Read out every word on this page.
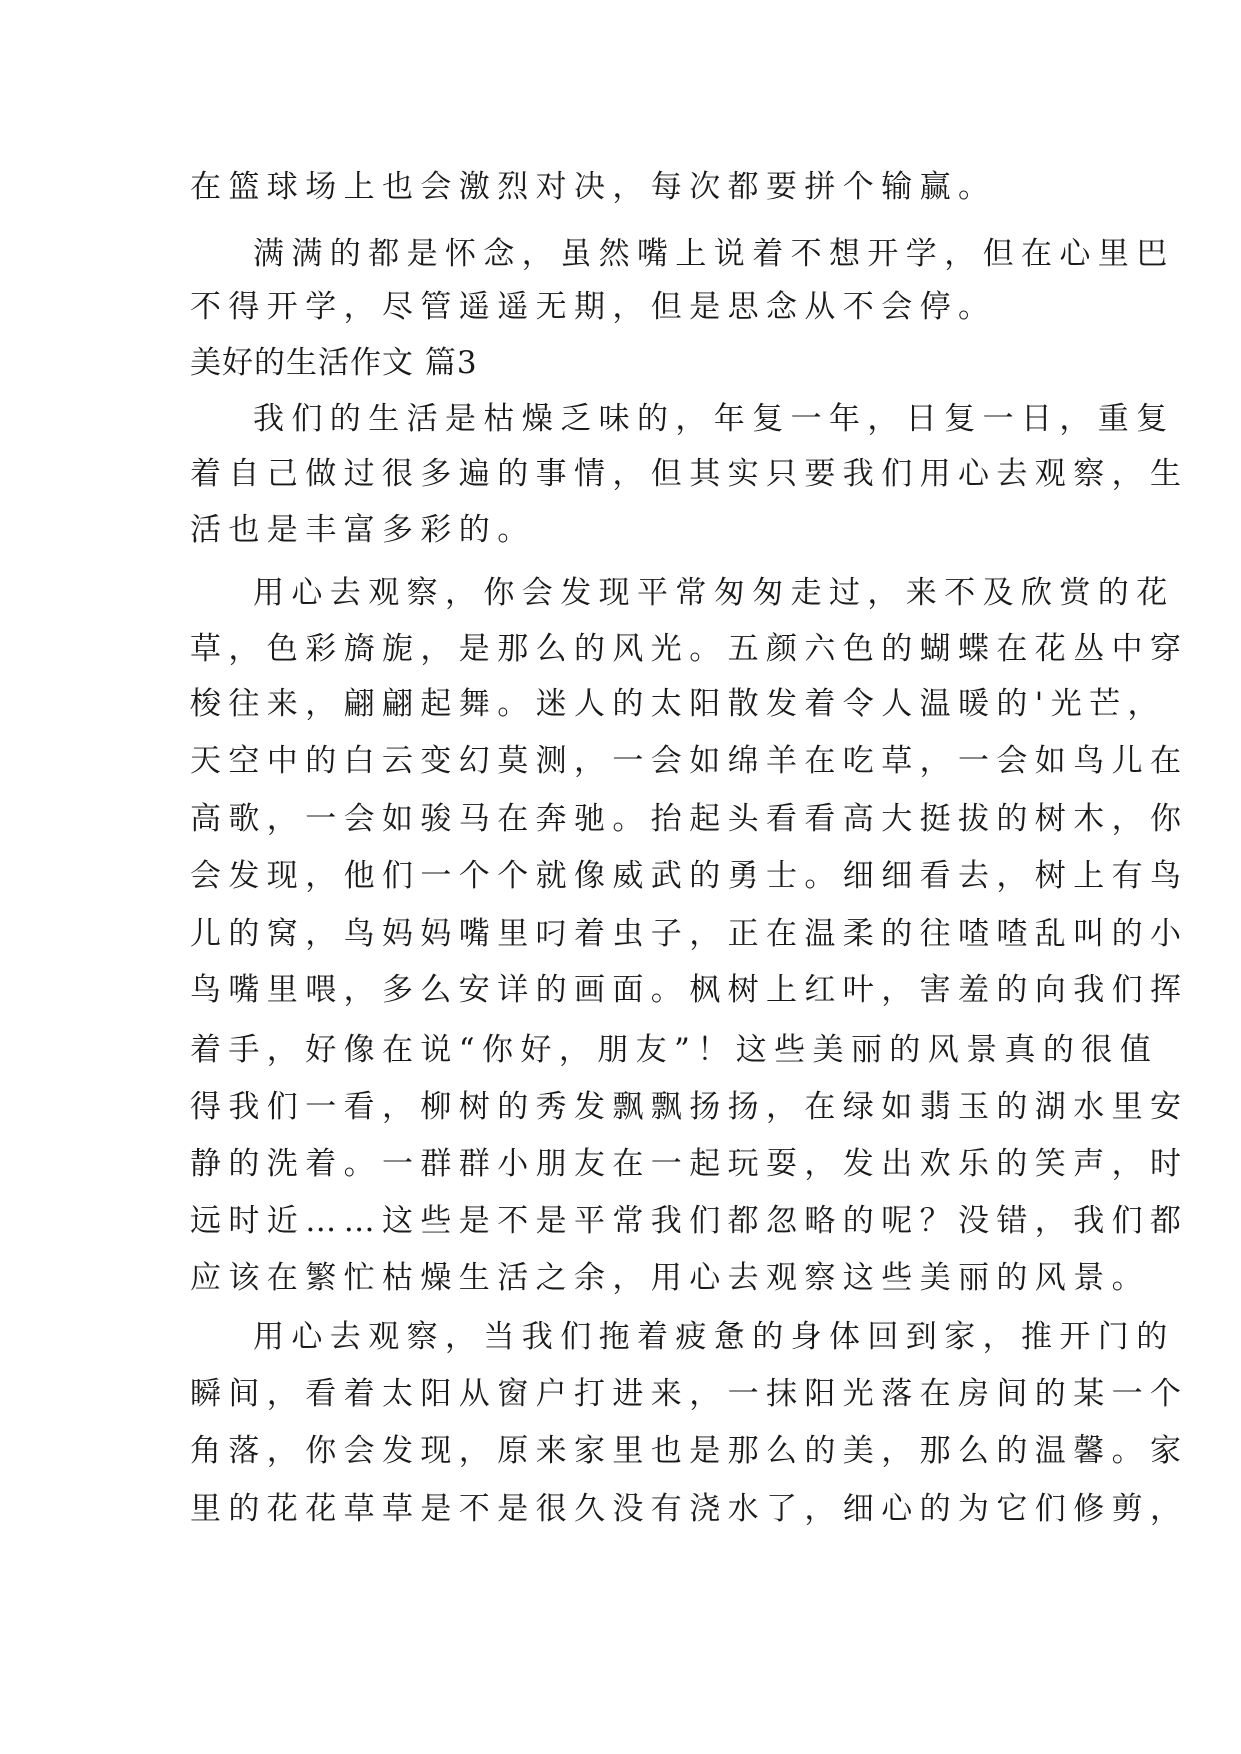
在篮球场上也会激烈对决，每次都要拼个输赢。
满满的都是怀念，虽然嘴上说着不想开学，但在心里巴
不得开学，尽管遥遥无期，但是思念从不会停。
美好的生活作文 篇3
我们的生活是枯燥乏味的，年复一年，日复一日，重复
着自己做过很多遍的事情，但其实只要我们用心去观察，生
活也是丰富多彩的。
用心去观察，你会发现平常匆匆走过，来不及欣赏的花
草，色彩旖旎，是那么的风光。五颜六色的蝴蝶在花丛中穿
梭往来，翩翩起舞。迷人的太阳散发着令人温暖的'光芒，
天空中的白云变幻莫测，一会如绵羊在吃草，一会如鸟儿在
高歌，一会如骏马在奔驰。抬起头看看高大挺拔的树木，你
会发现，他们一个个就像威武的勇士。细细看去，树上有鸟
儿的窝，鸟妈妈嘴里叼着虫子，正在温柔的往喳喳乱叫的小
鸟嘴里喂，多么安详的画面。枫树上红叶，害羞的向我们挥
着手，好像在说“你好，朋友”！这些美丽的风景真的很值
得我们一看，柳树的秀发飘飘扬扬，在绿如翡玉的湖水里安
静的洗着。一群群小朋友在一起玩耍，发出欢乐的笑声，时
远时近……这些是不是平常我们都忽略的呢？没错，我们都
应该在繁忙枯燥生活之余，用心去观察这些美丽的风景。
用心去观察，当我们拖着疲惫的身体回到家，推开门的
瞬间，看着太阳从窗户打进来，一抹阳光落在房间的某一个
角落，你会发现，原来家里也是那么的美，那么的温馨。家
里的花花草草是不是很久没有浇水了，细心的为它们修剪，
